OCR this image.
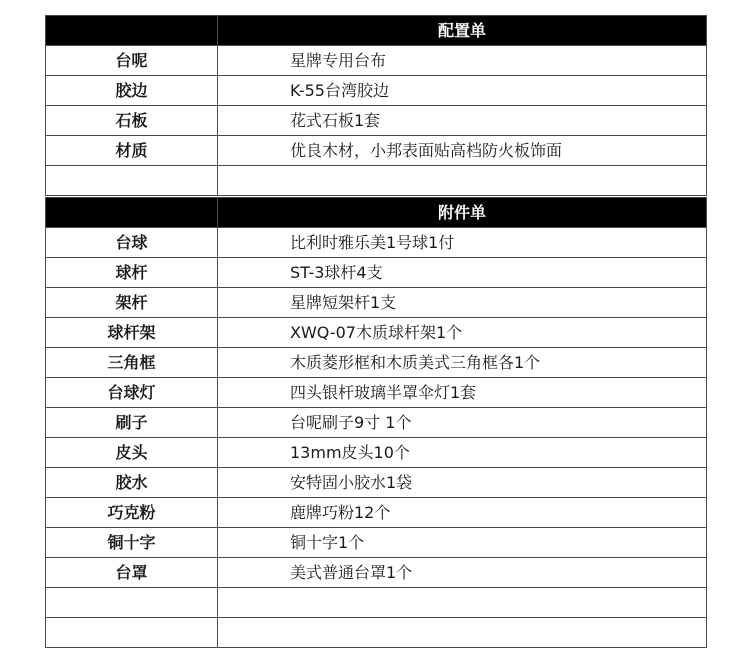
	配置单
台呢	星牌专用台布
胶边	K-55台湾胶边
石板	花式石板1套
材质	优良木材，小邦表面贴高档防火板饰面

	附件单
台球	比利时雅乐美1号球1付
球杆	ST-3球杆4支
架杆	星牌短架杆1支
球杆架	XWQ-07木质球杆架1个
三角框	木质菱形框和木质美式三角框各1个
台球灯	四头银杆玻璃半罩伞灯1套
刷子	台呢刷子9寸 1个
皮头	13mm皮头10个
胶水	安特固小胶水1袋
巧克粉	鹿牌巧粉12个
铜十字	铜十字1个
台罩	美式普通台罩1个
